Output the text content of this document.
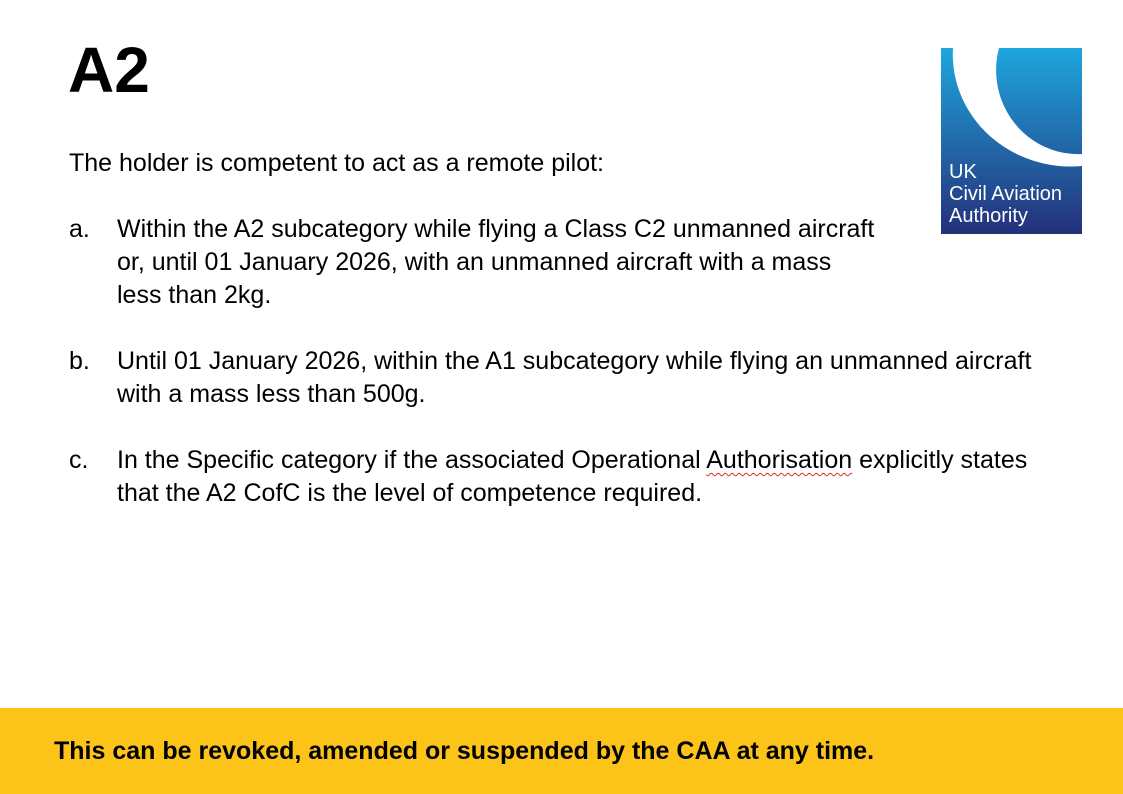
A2
The holder is competent to act as a remote pilot:
a.	Within the A2 subcategory while flying a Class C2 unmanned aircraft or, until 01 January 2026, with an unmanned aircraft with a mass less than 2kg.
b.	Until 01 January 2026, within the A1 subcategory while flying an unmanned aircraft with a mass less than 500g.
c.	In the Specific category if the associated Operational Authorisation explicitly states that the A2 CofC is the level of competence required.
UK
Civil Aviation
Authority
This can be revoked, amended or suspended by the CAA at any time.
